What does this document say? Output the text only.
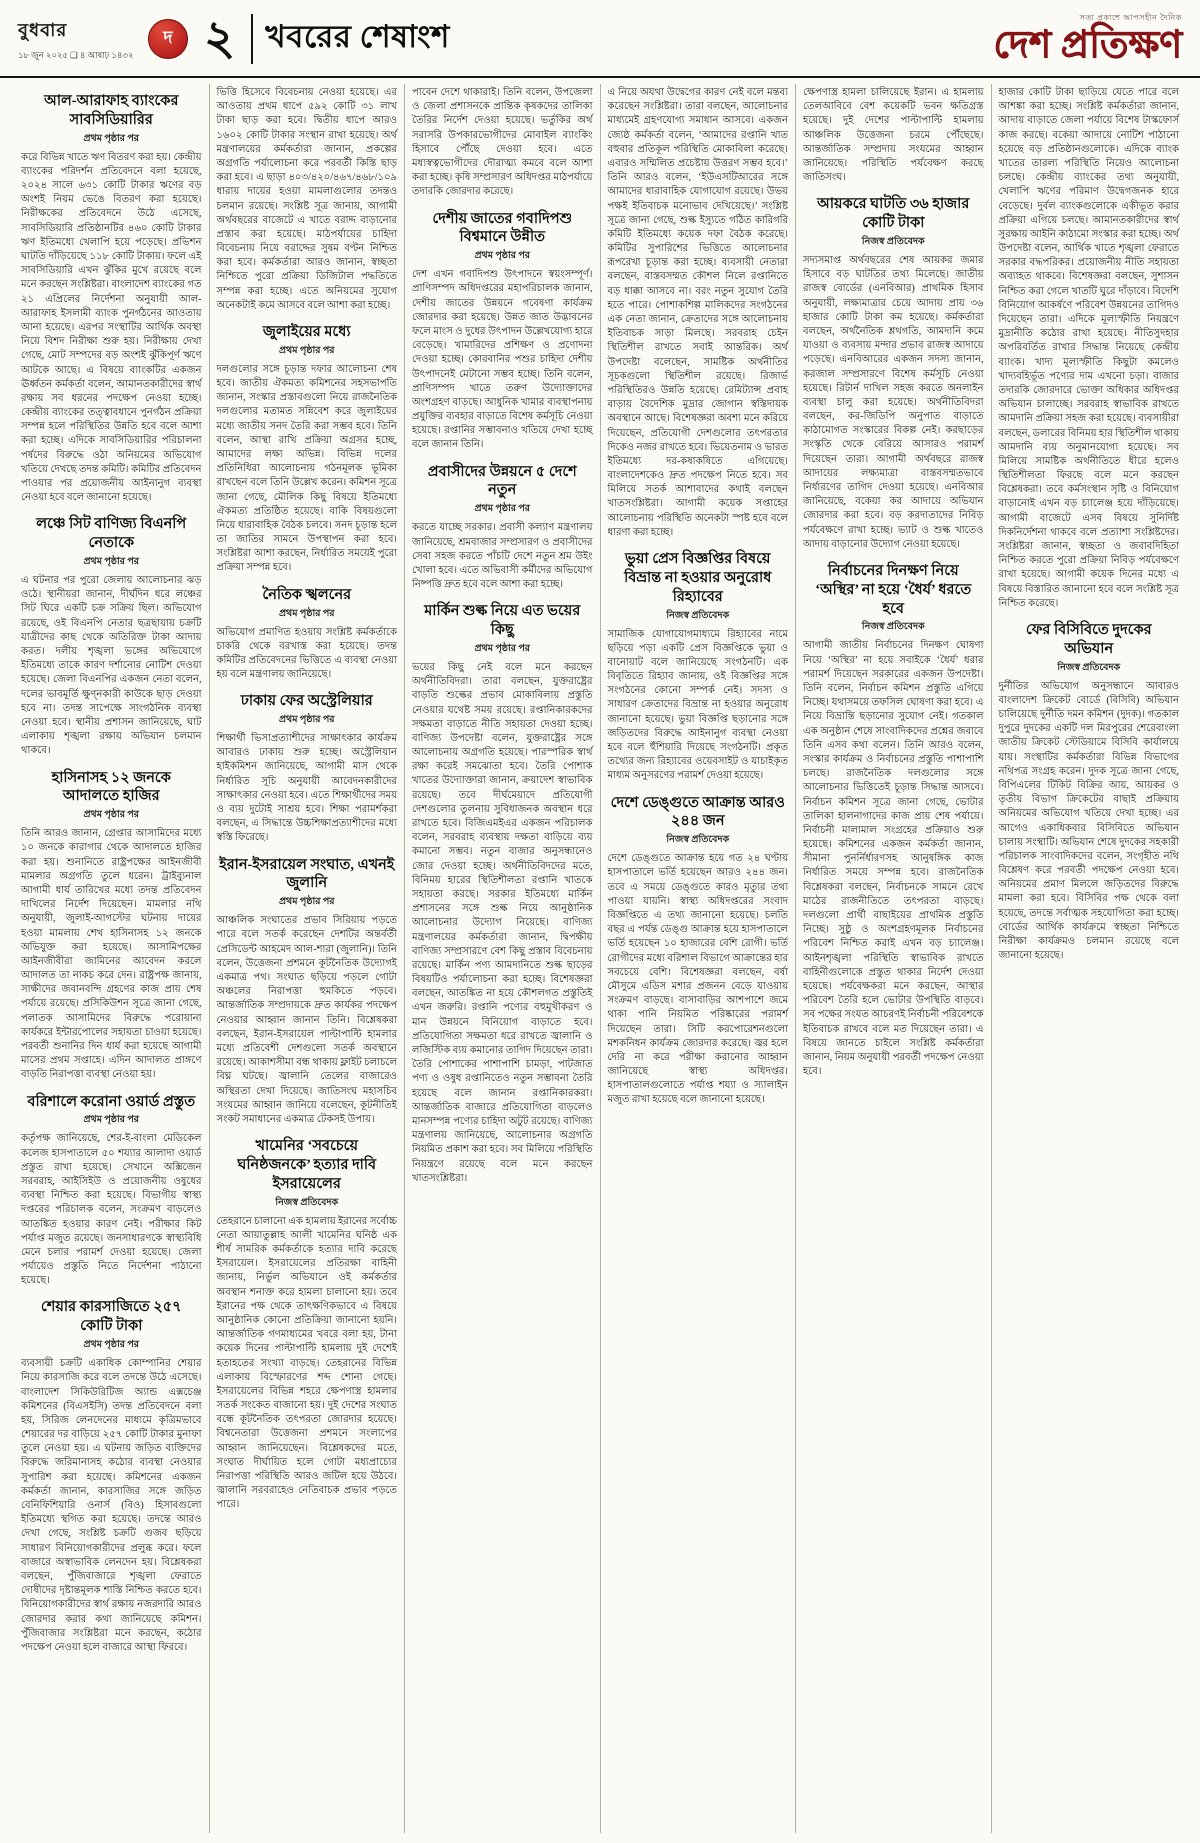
বুধবার
১৮ জুন ২০২৫ ❑ ৪ আষাঢ় ১৪৩২
দ ২ খবরের শেষাংশ
সত্য প্রকাশে আপসহীন দৈনিক
দেশ প্রতিক্ষণ
আল-আরাফাহ ব্যাংকের সাবসিডিয়ারির
প্রথম পৃষ্ঠার পর

করে বিভিন্ন খাতে ঋণ বিতরণ করা হয়। কেন্দ্রীয় ব্যাংকের পরিদর্শন প্রতিবেদনে বলা হয়েছে, ২০২৪ সালে ৬৩১ কোটি টাকার ঋণের বড় অংশই নিয়ম ভেঙে বিতরণ করা হয়েছে। নিরীক্ষকের প্রতিবেদনে উঠে এসেছে, সাবসিডিয়ারি প্রতিষ্ঠানটির ৪৬০ কোটি টাকার ঋণ ইতিমধ্যে খেলাপি হয়ে পড়েছে। প্রভিশন ঘাটতি দাঁড়িয়েছে ১১৮ কোটি টাকায়। ফলে এই সাবসিডিয়ারি এখন ঝুঁকির মুখে রয়েছে বলে মনে করছেন সংশ্লিষ্টরা। বাংলাদেশ ব্যাংকের গত ২১ এপ্রিলের নির্দেশনা অনুযায়ী আল-আরাফাহ ইসলামী ব্যাংক পুনর্গঠনের আওতায় আনা হয়েছে। এরপর সংস্থাটির আর্থিক অবস্থা নিয়ে বিশদ নিরীক্ষা শুরু হয়। নিরীক্ষায় দেখা গেছে, মোট সম্পদের বড় অংশই ঝুঁকিপূর্ণ ঋণে আটকে আছে। এ বিষয়ে ব্যাংকটির একজন ঊর্ধ্বতন কর্মকর্তা বলেন, আমানতকারীদের স্বার্থ রক্ষায় সব ধরনের পদক্ষেপ নেওয়া হচ্ছে। কেন্দ্রীয় ব্যাংকের তত্ত্বাবধানে পুনর্গঠন প্রক্রিয়া সম্পন্ন হলে পরিস্থিতির উন্নতি হবে বলে আশা করা হচ্ছে। এদিকে সাবসিডিয়ারির পরিচালনা পর্ষদের বিরুদ্ধে ওঠা অনিয়মের অভিযোগ খতিয়ে দেখছে তদন্ত কমিটি। কমিটির প্রতিবেদন পাওয়ার পর প্রয়োজনীয় আইনানুগ ব্যবস্থা নেওয়া হবে বলে জানানো হয়েছে।

লঞ্চে সিট বাণিজ্য বিএনপি নেতাকে
প্রথম পৃষ্ঠার পর

এ ঘটনার পর পুরো জেলায় আলোচনার ঝড় ওঠে। স্থানীয়রা জানান, দীর্ঘদিন ধরে লঞ্চের সিট ঘিরে একটি চক্র সক্রিয় ছিল। অভিযোগ রয়েছে, ওই বিএনপি নেতার ছত্রছায়ায় চক্রটি যাত্রীদের কাছ থেকে অতিরিক্ত টাকা আদায় করত। দলীয় শৃঙ্খলা ভঙ্গের অভিযোগে ইতিমধ্যে তাকে কারণ দর্শানোর নোটিশ দেওয়া হয়েছে। জেলা বিএনপির একজন নেতা বলেন, দলের ভাবমূর্তি ক্ষুণ্নকারী কাউকে ছাড় দেওয়া হবে না। তদন্ত সাপেক্ষে সাংগঠনিক ব্যবস্থা নেওয়া হবে। স্থানীয় প্রশাসন জানিয়েছে, ঘাট এলাকায় শৃঙ্খলা রক্ষায় অভিযান চলমান থাকবে।

হাসিনাসহ ১২ জনকে আদালতে হাজির
প্রথম পৃষ্ঠার পর

তিনি আরও জানান, গ্রেপ্তার আসামিদের মধ্যে ১০ জনকে কারাগার থেকে আদালতে হাজির করা হয়। শুনানিতে রাষ্ট্রপক্ষের আইনজীবী মামলার অগ্রগতি তুলে ধরেন। ট্রাইব্যুনাল আগামী ধার্য তারিখের মধ্যে তদন্ত প্রতিবেদন দাখিলের নির্দেশ দিয়েছেন। মামলার নথি অনুযায়ী, জুলাই-আগস্টের ঘটনায় দায়ের হওয়া মামলায় শেখ হাসিনাসহ ১২ জনকে অভিযুক্ত করা হয়েছে। আসামিপক্ষের আইনজীবীরা জামিনের আবেদন করলে আদালত তা নাকচ করে দেন। রাষ্ট্রপক্ষ জানায়, সাক্ষীদের জবানবন্দি গ্রহণের কাজ প্রায় শেষ পর্যায়ে রয়েছে। প্রসিকিউশন সূত্রে জানা গেছে, পলাতক আসামিদের বিরুদ্ধে পরোয়ানা কার্যকরে ইন্টারপোলের সহায়তা চাওয়া হয়েছে। পরবর্তী শুনানির দিন ধার্য করা হয়েছে আগামী মাসের প্রথম সপ্তাহে। এদিন আদালত প্রাঙ্গণে বাড়তি নিরাপত্তা ব্যবস্থা নেওয়া হয়।

বরিশালে করোনা ওয়ার্ড প্রস্তুত
প্রথম পৃষ্ঠার পর

কর্তৃপক্ষ জানিয়েছে, শের-ই-বাংলা মেডিকেল কলেজ হাসপাতালে ৫০ শয্যার আলাদা ওয়ার্ড প্রস্তুত রাখা হয়েছে। সেখানে অক্সিজেন সরবরাহ, আইসিইউ ও প্রয়োজনীয় ওষুধের ব্যবস্থা নিশ্চিত করা হয়েছে। বিভাগীয় স্বাস্থ্য দপ্তরের পরিচালক বলেন, সংক্রমণ বাড়লেও আতঙ্কিত হওয়ার কারণ নেই। পরীক্ষার কিট পর্যাপ্ত মজুত রয়েছে। জনসাধারণকে স্বাস্থ্যবিধি মেনে চলার পরামর্শ দেওয়া হয়েছে। জেলা পর্যায়েও প্রস্তুতি নিতে নির্দেশনা পাঠানো হয়েছে।

শেয়ার কারসাজিতে ২৫৭ কোটি টাকা
প্রথম পৃষ্ঠার পর

ব্যবসায়ী চক্রটি একাধিক কোম্পানির শেয়ার নিয়ে কারসাজি করে বলে তদন্তে উঠে এসেছে। বাংলাদেশ সিকিউরিটিজ অ্যান্ড এক্সচেঞ্জ কমিশনের (বিএসইসি) তদন্ত প্রতিবেদনে বলা হয়, সিরিজ লেনদেনের মাধ্যমে কৃত্রিমভাবে শেয়ারের দর বাড়িয়ে ২৫৭ কোটি টাকার মুনাফা তুলে নেওয়া হয়। এ ঘটনায় জড়িত ব্যক্তিদের বিরুদ্ধে জরিমানাসহ কঠোর ব্যবস্থা নেওয়ার সুপারিশ করা হয়েছে। কমিশনের একজন কর্মকর্তা জানান, কারসাজির সঙ্গে জড়িত বেনিফিশিয়ারি ওনার্স (বিও) হিসাবগুলো ইতিমধ্যে স্থগিত করা হয়েছে। তদন্তে আরও দেখা গেছে, সংশ্লিষ্ট চক্রটি গুজব ছড়িয়ে সাধারণ বিনিয়োগকারীদের প্রলুব্ধ করে। ফলে বাজারে অস্বাভাবিক লেনদেন হয়। বিশ্লেষকরা বলছেন, পুঁজিবাজারে শৃঙ্খলা ফেরাতে দোষীদের দৃষ্টান্তমূলক শাস্তি নিশ্চিত করতে হবে। বিনিয়োগকারীদের স্বার্থ রক্ষায় নজরদারি আরও জোরদার করার কথা জানিয়েছে কমিশন। পুঁজিবাজার সংশ্লিষ্টরা মনে করছেন, কঠোর পদক্ষেপ নেওয়া হলে বাজারে আস্থা ফিরবে।

ভিত্তি হিসেবে বিবেচনায় নেওয়া হয়েছে। এর আওতায় প্রথম ধাপে ৫৯২ কোটি ৩১ লাখ টাকা ছাড় করা হবে। দ্বিতীয় ধাপে আরও ১৬০২ কোটি টাকার সংস্থান রাখা হয়েছে। অর্থ মন্ত্রণালয়ের কর্মকর্তারা জানান, প্রকল্পের অগ্রগতি পর্যালোচনা করে পরবর্তী কিস্তি ছাড় করা হবে। এ ছাড়া ৪০৩/৪২০/৪৬৭/৪৬৮/১০৯ ধারায় দায়ের হওয়া মামলাগুলোর তদন্তও চলমান রয়েছে। সংশ্লিষ্ট সূত্র জানায়, আগামী অর্থবছরের বাজেটে এ খাতে বরাদ্দ বাড়ানোর প্রস্তাব করা হয়েছে। মাঠপর্যায়ের চাহিদা বিবেচনায় নিয়ে বরাদ্দের সুষম বণ্টন নিশ্চিত করা হবে। কর্মকর্তারা আরও জানান, স্বচ্ছতা নিশ্চিতে পুরো প্রক্রিয়া ডিজিটাল পদ্ধতিতে সম্পন্ন করা হচ্ছে। এতে অনিয়মের সুযোগ অনেকটাই কমে আসবে বলে আশা করা হচ্ছে।

জুলাইয়ের মধ্যে
প্রথম পৃষ্ঠার পর

দলগুলোর সঙ্গে চূড়ান্ত দফার আলোচনা শেষ হবে। জাতীয় ঐকমত্য কমিশনের সহসভাপতি জানান, সংস্কার প্রস্তাবগুলো নিয়ে রাজনৈতিক দলগুলোর মতামত সন্নিবেশ করে জুলাইয়ের মধ্যে জাতীয় সনদ তৈরি করা সম্ভব হবে। তিনি বলেন, আস্থা রাখি প্রক্রিয়া অগ্রসর হচ্ছে, আমাদের লক্ষ্য অভিন্ন। বিভিন্ন দলের প্রতিনিধিরা আলোচনায় গঠনমূলক ভূমিকা রাখছেন বলে তিনি উল্লেখ করেন। কমিশন সূত্রে জানা গেছে, মৌলিক কিছু বিষয়ে ইতিমধ্যে ঐকমত্য প্রতিষ্ঠিত হয়েছে। বাকি বিষয়গুলো নিয়ে ধারাবাহিক বৈঠক চলবে। সনদ চূড়ান্ত হলে তা জাতির সামনে উপস্থাপন করা হবে। সংশ্লিষ্টরা আশা করছেন, নির্ধারিত সময়েই পুরো প্রক্রিয়া সম্পন্ন হবে।

নৈতিক স্খলনের
প্রথম পৃষ্ঠার পর

অভিযোগ প্রমাণিত হওয়ায় সংশ্লিষ্ট কর্মকর্তাকে চাকরি থেকে বরখাস্ত করা হয়েছে। তদন্ত কমিটির প্রতিবেদনের ভিত্তিতে এ ব্যবস্থা নেওয়া হয় বলে মন্ত্রণালয় জানিয়েছে।

ঢাকায় ফের অস্ট্রেলিয়ার
প্রথম পৃষ্ঠার পর

শিক্ষার্থী ভিসাপ্রত্যাশীদের সাক্ষাৎকার কার্যক্রম আবারও ঢাকায় শুরু হচ্ছে। অস্ট্রেলিয়ান হাইকমিশন জানিয়েছে, আগামী মাস থেকে নির্ধারিত সূচি অনুযায়ী আবেদনকারীদের সাক্ষাৎকার নেওয়া হবে। এতে শিক্ষার্থীদের সময় ও ব্যয় দুটোই সাশ্রয় হবে। শিক্ষা পরামর্শকরা বলছেন, এ সিদ্ধান্তে উচ্চশিক্ষাপ্রত্যাশীদের মধ্যে স্বস্তি ফিরেছে।

ইরান-ইসরায়েল সংঘাত, এখনই জুলানি
প্রথম পৃষ্ঠার পর

আঞ্চলিক সংঘাতের প্রভাব সিরিয়ায় পড়তে পারে বলে সতর্ক করেছেন দেশটির অন্তর্বর্তী প্রেসিডেন্ট আহমেদ আল-শারা (জুলানি)। তিনি বলেন, উত্তেজনা প্রশমনে কূটনৈতিক উদ্যোগই একমাত্র পথ। সংঘাত ছড়িয়ে পড়লে গোটা অঞ্চলের নিরাপত্তা হুমকিতে পড়বে। আন্তর্জাতিক সম্প্রদায়কে দ্রুত কার্যকর পদক্ষেপ নেওয়ার আহ্বান জানান তিনি। বিশ্লেষকরা বলছেন, ইরান-ইসরায়েল পাল্টাপাল্টি হামলার মধ্যে প্রতিবেশী দেশগুলো সতর্ক অবস্থানে রয়েছে। আকাশসীমা বন্ধ থাকায় ফ্লাইট চলাচলে বিঘ্ন ঘটছে। জ্বালানি তেলের বাজারেও অস্থিরতা দেখা দিয়েছে। জাতিসংঘ মহাসচিব সংযমের আহ্বান জানিয়ে বলেছেন, কূটনীতিই সংকট সমাধানের একমাত্র টেকসই উপায়।

খামেনির ‘সবচেয়ে ঘনিষ্ঠজনকে’ হত্যার দাবি ইসরায়েলের
নিজস্ব প্রতিবেদক

তেহরানে চালানো এক হামলায় ইরানের সর্বোচ্চ নেতা আয়াতুল্লাহ আলী খামেনির ঘনিষ্ঠ এক শীর্ষ সামরিক কর্মকর্তাকে হত্যার দাবি করেছে ইসরায়েল। ইসরায়েলের প্রতিরক্ষা বাহিনী জানায়, নির্ভুল অভিযানে ওই কর্মকর্তার অবস্থান শনাক্ত করে হামলা চালানো হয়। তবে ইরানের পক্ষ থেকে তাৎক্ষণিকভাবে এ বিষয়ে আনুষ্ঠানিক কোনো প্রতিক্রিয়া জানানো হয়নি। আন্তর্জাতিক গণমাধ্যমের খবরে বলা হয়, টানা কয়েক দিনের পাল্টাপাল্টি হামলায় দুই দেশেই হতাহতের সংখ্যা বাড়ছে। তেহরানের বিভিন্ন এলাকায় বিস্ফোরণের শব্দ শোনা গেছে। ইসরায়েলের বিভিন্ন শহরে ক্ষেপণাস্ত্র হামলার সতর্ক সংকেত বাজানো হয়। দুই দেশের সংঘাত বন্ধে কূটনৈতিক তৎপরতা জোরদার হয়েছে। বিশ্বনেতারা উত্তেজনা প্রশমনে সংলাপের আহ্বান জানিয়েছেন। বিশ্লেষকদের মতে, সংঘাত দীর্ঘায়িত হলে গোটা মধ্যপ্রাচ্যের নিরাপত্তা পরিস্থিতি আরও জটিল হয়ে উঠবে। জ্বালানি সরবরাহেও নেতিবাচক প্রভাব পড়তে পারে।

পাবেন দেশে থাকারাই। তিনি বলেন, উপজেলা ও জেলা প্রশাসনকে প্রান্তিক কৃষকদের তালিকা তৈরির নির্দেশ দেওয়া হয়েছে। ভর্তুকির অর্থ সরাসরি উপকারভোগীদের মোবাইল ব্যাংকিং হিসাবে পৌঁছে দেওয়া হবে। এতে মধ্যস্বত্বভোগীদের দৌরাত্ম্য কমবে বলে আশা করা হচ্ছে। কৃষি সম্প্রসারণ অধিদপ্তর মাঠপর্যায়ে তদারকি জোরদার করেছে।

দেশীয় জাতের গবাদিপশু বিশ্বমানে উন্নীত
প্রথম পৃষ্ঠার পর

দেশ এখন গবাদিপশু উৎপাদনে স্বয়ংসম্পূর্ণ। প্রাণিসম্পদ অধিদপ্তরের মহাপরিচালক জানান, দেশীয় জাতের উন্নয়নে গবেষণা কার্যক্রম জোরদার করা হয়েছে। উন্নত জাত উদ্ভাবনের ফলে মাংস ও দুধের উৎপাদন উল্লেখযোগ্য হারে বেড়েছে। খামারিদের প্রশিক্ষণ ও প্রণোদনা দেওয়া হচ্ছে। কোরবানির পশুর চাহিদা দেশীয় উৎপাদনেই মেটানো সম্ভব হচ্ছে। তিনি বলেন, প্রাণিসম্পদ খাতে তরুণ উদ্যোক্তাদের অংশগ্রহণ বাড়ছে। আধুনিক খামার ব্যবস্থাপনায় প্রযুক্তির ব্যবহার বাড়াতে বিশেষ কর্মসূচি নেওয়া হয়েছে। রপ্তানির সম্ভাবনাও খতিয়ে দেখা হচ্ছে বলে জানান তিনি।

প্রবাসীদের উন্নয়নে ৫ দেশে নতুন
প্রথম পৃষ্ঠার পর

করতে যাচ্ছে সরকার। প্রবাসী কল্যাণ মন্ত্রণালয় জানিয়েছে, শ্রমবাজার সম্প্রসারণ ও প্রবাসীদের সেবা সহজ করতে পাঁচটি দেশে নতুন শ্রম উইং খোলা হবে। এতে অভিবাসী কর্মীদের অভিযোগ নিষ্পত্তি দ্রুত হবে বলে আশা করা হচ্ছে।

মার্কিন শুল্ক নিয়ে এত ভয়ের কিছু
প্রথম পৃষ্ঠার পর

ভয়ের কিছু নেই বলে মনে করছেন অর্থনীতিবিদরা। তারা বলছেন, যুক্তরাষ্ট্রের বাড়তি শুল্কের প্রভাব মোকাবিলায় প্রস্তুতি নেওয়ার যথেষ্ট সময় রয়েছে। রপ্তানিকারকদের সক্ষমতা বাড়াতে নীতি সহায়তা দেওয়া হচ্ছে। বাণিজ্য উপদেষ্টা বলেন, যুক্তরাষ্ট্রের সঙ্গে আলোচনায় অগ্রগতি হয়েছে। পারস্পরিক স্বার্থ রক্ষা করেই সমঝোতা হবে। তৈরি পোশাক খাতের উদ্যোক্তারা জানান, ক্রয়াদেশ স্বাভাবিক রয়েছে। তবে দীর্ঘমেয়াদে প্রতিযোগী দেশগুলোর তুলনায় সুবিধাজনক অবস্থান ধরে রাখতে হবে। বিজিএমইএর একজন পরিচালক বলেন, সরবরাহ ব্যবস্থায় দক্ষতা বাড়িয়ে ব্যয় কমানো সম্ভব। নতুন বাজার অনুসন্ধানেও জোর দেওয়া হচ্ছে। অর্থনীতিবিদদের মতে, বিনিময় হারের স্থিতিশীলতা রপ্তানি খাতকে সহায়তা করছে। সরকার ইতিমধ্যে মার্কিন প্রশাসনের সঙ্গে শুল্ক নিয়ে আনুষ্ঠানিক আলোচনার উদ্যোগ নিয়েছে। বাণিজ্য মন্ত্রণালয়ের কর্মকর্তারা জানান, দ্বিপক্ষীয় বাণিজ্য সম্প্রসারণে বেশ কিছু প্রস্তাব বিবেচনায় রয়েছে। মার্কিন পণ্য আমদানিতে শুল্ক ছাড়ের বিষয়টিও পর্যালোচনা করা হচ্ছে। বিশেষজ্ঞরা বলছেন, আতঙ্কিত না হয়ে কৌশলগত প্রস্তুতিই এখন জরুরি। রপ্তানি পণ্যের বহুমুখীকরণ ও মান উন্নয়নে বিনিয়োগ বাড়াতে হবে। প্রতিযোগিতা সক্ষমতা ধরে রাখতে জ্বালানি ও লজিস্টিক ব্যয় কমানোর তাগিদ দিয়েছেন তারা। তৈরি পোশাকের পাশাপাশি চামড়া, পাটজাত পণ্য ও ওষুধ রপ্তানিতেও নতুন সম্ভাবনা তৈরি হয়েছে বলে জানান রপ্তানিকারকরা। আন্তর্জাতিক বাজারে প্রতিযোগিতা বাড়লেও মানসম্পন্ন পণ্যের চাহিদা অটুট রয়েছে। বাণিজ্য মন্ত্রণালয় জানিয়েছে, আলোচনার অগ্রগতি নিয়মিত প্রকাশ করা হবে। সব মিলিয়ে পরিস্থিতি নিয়ন্ত্রণে রয়েছে বলে মনে করছেন খাতসংশ্লিষ্টরা।

এ নিয়ে অযথা উদ্বেগের কারণ নেই বলে মন্তব্য করেছেন সংশ্লিষ্টরা। তারা বলছেন, আলোচনার মাধ্যমেই গ্রহণযোগ্য সমাধান আসবে। একজন জ্যেষ্ঠ কর্মকর্তা বলেন, ‘আমাদের রপ্তানি খাত বহুবার প্রতিকূল পরিস্থিতি মোকাবিলা করেছে। এবারও সম্মিলিত প্রচেষ্টায় উত্তরণ সম্ভব হবে।’ তিনি আরও বলেন, ‘ইউএসটিআরের সঙ্গে আমাদের ধারাবাহিক যোগাযোগ রয়েছে। উভয় পক্ষই ইতিবাচক মনোভাব দেখিয়েছে।’ সংশ্লিষ্ট সূত্রে জানা গেছে, শুল্ক ইস্যুতে গঠিত কারিগরি কমিটি ইতিমধ্যে কয়েক দফা বৈঠক করেছে। কমিটির সুপারিশের ভিত্তিতে আলোচনার রূপরেখা চূড়ান্ত করা হচ্ছে। ব্যবসায়ী নেতারা বলছেন, বাস্তবসম্মত কৌশল নিলে রপ্তানিতে বড় ধাক্কা আসবে না। বরং নতুন সুযোগ তৈরি হতে পারে। পোশাকশিল্প মালিকদের সংগঠনের এক নেতা জানান, ক্রেতাদের সঙ্গে আলোচনায় ইতিবাচক সাড়া মিলছে। সরবরাহ চেইন স্থিতিশীল রাখতে সবাই আন্তরিক। অর্থ উপদেষ্টা বলেছেন, সামষ্টিক অর্থনীতির সূচকগুলো স্থিতিশীল রয়েছে। রিজার্ভ পরিস্থিতিরও উন্নতি হয়েছে। রেমিট্যান্স প্রবাহ বাড়ায় বৈদেশিক মুদ্রার জোগান স্বস্তিদায়ক অবস্থানে আছে। বিশেষজ্ঞরা অবশ্য মনে করিয়ে দিয়েছেন, প্রতিযোগী দেশগুলোর তৎপরতার দিকেও নজর রাখতে হবে। ভিয়েতনাম ও ভারত ইতিমধ্যে দর-কষাকষিতে এগিয়েছে। বাংলাদেশকেও দ্রুত পদক্ষেপ নিতে হবে। সব মিলিয়ে সতর্ক আশাবাদের কথাই বলছেন খাতসংশ্লিষ্টরা। আগামী কয়েক সপ্তাহের আলোচনায় পরিস্থিতি অনেকটা স্পষ্ট হবে বলে ধারণা করা হচ্ছে।

ভুয়া প্রেস বিজ্ঞপ্তির বিষয়ে বিভ্রান্ত না হওয়ার অনুরোধ রিহ্যাবের
নিজস্ব প্রতিবেদক

সামাজিক যোগাযোগমাধ্যমে রিহ্যাবের নামে ছড়িয়ে পড়া একটি প্রেস বিজ্ঞপ্তিকে ভুয়া ও বানোয়াট বলে জানিয়েছে সংগঠনটি। এক বিবৃতিতে রিহ্যাব জানায়, ওই বিজ্ঞপ্তির সঙ্গে সংগঠনের কোনো সম্পর্ক নেই। সদস্য ও সাধারণ ক্রেতাদের বিভ্রান্ত না হওয়ার অনুরোধ জানানো হয়েছে। ভুয়া বিজ্ঞপ্তি ছড়ানোর সঙ্গে জড়িতদের বিরুদ্ধে আইনানুগ ব্যবস্থা নেওয়া হবে বলে হুঁশিয়ারি দিয়েছে সংগঠনটি। প্রকৃত তথ্যের জন্য রিহ্যাবের ওয়েবসাইট ও যাচাইকৃত মাধ্যম অনুসরণের পরামর্শ দেওয়া হয়েছে।

দেশে ডেঙ্গুতে আক্রান্ত আরও ২৪৪ জন
নিজস্ব প্রতিবেদক

দেশে ডেঙ্গুতে আক্রান্ত হয়ে গত ২৪ ঘণ্টায় হাসপাতালে ভর্তি হয়েছেন আরও ২৪৪ জন। তবে এ সময়ে ডেঙ্গুতে কারও মৃত্যুর তথ্য পাওয়া যায়নি। স্বাস্থ্য অধিদপ্তরের সংবাদ বিজ্ঞপ্তিতে এ তথ্য জানানো হয়েছে। চলতি বছর এ পর্যন্ত ডেঙ্গু আক্রান্ত হয়ে হাসপাতালে ভর্তি হয়েছেন ১০ হাজারের বেশি রোগী। ভর্তি রোগীদের মধ্যে বরিশাল বিভাগে আক্রান্তের হার সবচেয়ে বেশি। বিশেষজ্ঞরা বলছেন, বর্ষা মৌসুমে এডিস মশার প্রজনন বেড়ে যাওয়ায় সংক্রমণ বাড়ছে। বাসাবাড়ির আশপাশে জমে থাকা পানি নিয়মিত পরিষ্কারের পরামর্শ দিয়েছেন তারা। সিটি করপোরেশনগুলো মশকনিধন কার্যক্রম জোরদার করেছে। জ্বর হলে দেরি না করে পরীক্ষা করানোর আহ্বান জানিয়েছে স্বাস্থ্য অধিদপ্তর। হাসপাতালগুলোতে পর্যাপ্ত শয্যা ও স্যালাইন মজুত রাখা হয়েছে বলে জানানো হয়েছে।

ক্ষেপণাস্ত্র হামলা চালিয়েছে ইরান। এ হামলায় তেলআবিবে বেশ কয়েকটি ভবন ক্ষতিগ্রস্ত হয়েছে। দুই দেশের পাল্টাপাল্টি হামলায় আঞ্চলিক উত্তেজনা চরমে পৌঁছেছে। আন্তর্জাতিক সম্প্রদায় সংযমের আহ্বান জানিয়েছে। পরিস্থিতি পর্যবেক্ষণ করছে জাতিসংঘ।

আয়করে ঘাটতি ৩৬ হাজার কোটি টাকা
নিজস্ব প্রতিবেদক

সদ্যসমাপ্ত অর্থবছরের শেষ আয়কর জমার হিসাবে বড় ঘাটতির তথ্য মিলেছে। জাতীয় রাজস্ব বোর্ডের (এনবিআর) প্রাথমিক হিসাব অনুযায়ী, লক্ষ্যমাত্রার চেয়ে আদায় প্রায় ৩৬ হাজার কোটি টাকা কম হয়েছে। কর্মকর্তারা বলছেন, অর্থনৈতিক শ্লথগতি, আমদানি কমে যাওয়া ও ব্যবসায় মন্দার প্রভাব রাজস্ব আদায়ে পড়েছে। এনবিআরের একজন সদস্য জানান, করজাল সম্প্রসারণে বিশেষ কর্মসূচি নেওয়া হয়েছে। রিটার্ন দাখিল সহজ করতে অনলাইন ব্যবস্থা চালু করা হয়েছে। অর্থনীতিবিদরা বলছেন, কর-জিডিপি অনুপাত বাড়াতে কাঠামোগত সংস্কারের বিকল্প নেই। করছাড়ের সংস্কৃতি থেকে বেরিয়ে আসারও পরামর্শ দিয়েছেন তারা। আগামী অর্থবছরে রাজস্ব আদায়ের লক্ষ্যমাত্রা বাস্তবসম্মতভাবে নির্ধারণের তাগিদ দেওয়া হয়েছে। এনবিআর জানিয়েছে, বকেয়া কর আদায়ে অভিযান জোরদার করা হবে। বড় করদাতাদের নিবিড় পর্যবেক্ষণে রাখা হচ্ছে। ভ্যাট ও শুল্ক খাতেও আদায় বাড়ানোর উদ্যোগ নেওয়া হয়েছে।

নির্বাচনের দিনক্ষণ নিয়ে ‘অস্থির’ না হয়ে ‘ধৈর্য’ ধরতে হবে
নিজস্ব প্রতিবেদক

আগামী জাতীয় নির্বাচনের দিনক্ষণ ঘোষণা নিয়ে ‘অস্থির’ না হয়ে সবাইকে ‘ধৈর্য’ ধরার পরামর্শ দিয়েছেন সরকারের একজন উপদেষ্টা। তিনি বলেন, নির্বাচন কমিশন প্রস্তুতি এগিয়ে নিচ্ছে। যথাসময়ে তফসিল ঘোষণা করা হবে। এ নিয়ে বিভ্রান্তি ছড়ানোর সুযোগ নেই। গতকাল এক অনুষ্ঠান শেষে সাংবাদিকদের প্রশ্নের জবাবে তিনি এসব কথা বলেন। তিনি আরও বলেন, সংস্কার কার্যক্রম ও নির্বাচনের প্রস্তুতি পাশাপাশি চলছে। রাজনৈতিক দলগুলোর সঙ্গে আলোচনার ভিত্তিতেই চূড়ান্ত সিদ্ধান্ত আসবে। নির্বাচন কমিশন সূত্রে জানা গেছে, ভোটার তালিকা হালনাগাদের কাজ প্রায় শেষ পর্যায়ে। নির্বাচনী মালামাল সংগ্রহের প্রক্রিয়াও শুরু হয়েছে। কমিশনের একজন কর্মকর্তা জানান, সীমানা পুনর্নির্ধারণসহ আনুষঙ্গিক কাজ নির্ধারিত সময়ে সম্পন্ন হবে। রাজনৈতিক বিশ্লেষকরা বলছেন, নির্বাচনকে সামনে রেখে মাঠের রাজনীতিতে তৎপরতা বাড়ছে। দলগুলো প্রার্থী বাছাইয়ের প্রাথমিক প্রস্তুতি নিচ্ছে। সুষ্ঠু ও অংশগ্রহণমূলক নির্বাচনের পরিবেশ নিশ্চিত করাই এখন বড় চ্যালেঞ্জ। আইনশৃঙ্খলা পরিস্থিতি স্বাভাবিক রাখতে বাহিনীগুলোকে প্রস্তুত থাকার নির্দেশ দেওয়া হয়েছে। পর্যবেক্ষকরা মনে করছেন, আস্থার পরিবেশ তৈরি হলে ভোটার উপস্থিতি বাড়বে। সব পক্ষের সংযত আচরণই নির্বাচনী পরিবেশকে ইতিবাচক রাখবে বলে মত দিয়েছেন তারা। এ বিষয়ে জানতে চাইলে সংশ্লিষ্ট কর্মকর্তারা জানান, নিয়ম অনুযায়ী পরবর্তী পদক্ষেপ নেওয়া হবে।

হাজার কোটি টাকা ছাড়িয়ে যেতে পারে বলে আশঙ্কা করা হচ্ছে। সংশ্লিষ্ট কর্মকর্তারা জানান, আদায় বাড়াতে জেলা পর্যায়ে বিশেষ টাস্কফোর্স কাজ করছে। বকেয়া আদায়ে নোটিশ পাঠানো হয়েছে বড় প্রতিষ্ঠানগুলোকে। এদিকে ব্যাংক খাতের তারল্য পরিস্থিতি নিয়েও আলোচনা চলছে। কেন্দ্রীয় ব্যাংকের তথ্য অনুযায়ী, খেলাপি ঋণের পরিমাণ উদ্বেগজনক হারে বেড়েছে। দুর্বল ব্যাংকগুলোকে একীভূত করার প্রক্রিয়া এগিয়ে চলছে। আমানতকারীদের স্বার্থ সুরক্ষায় আইনি কাঠামো সংস্কার করা হচ্ছে। অর্থ উপদেষ্টা বলেন, আর্থিক খাতে শৃঙ্খলা ফেরাতে সরকার বদ্ধপরিকর। প্রয়োজনীয় নীতি সহায়তা অব্যাহত থাকবে। বিশেষজ্ঞরা বলছেন, সুশাসন নিশ্চিত করা গেলে খাতটি ঘুরে দাঁড়াবে। বিদেশি বিনিয়োগ আকর্ষণে পরিবেশ উন্নয়নের তাগিদও দিয়েছেন তারা। এদিকে মূল্যস্ফীতি নিয়ন্ত্রণে মুদ্রানীতি কঠোর রাখা হয়েছে। নীতিসুদহার অপরিবর্তিত রাখার সিদ্ধান্ত নিয়েছে কেন্দ্রীয় ব্যাংক। খাদ্য মূল্যস্ফীতি কিছুটা কমলেও খাদ্যবহির্ভূত পণ্যের দাম এখনো চড়া। বাজার তদারকি জোরদারে ভোক্তা অধিকার অধিদপ্তর অভিযান চালাচ্ছে। সরবরাহ স্বাভাবিক রাখতে আমদানি প্রক্রিয়া সহজ করা হয়েছে। ব্যবসায়ীরা বলছেন, ডলারের বিনিময় হার স্থিতিশীল থাকায় আমদানি ব্যয় অনুমানযোগ্য হয়েছে। সব মিলিয়ে সামষ্টিক অর্থনীতিতে ধীরে হলেও স্থিতিশীলতা ফিরছে বলে মনে করছেন বিশ্লেষকরা। তবে কর্মসংস্থান সৃষ্টি ও বিনিয়োগ বাড়ানোই এখন বড় চ্যালেঞ্জ হয়ে দাঁড়িয়েছে। আগামী বাজেটে এসব বিষয়ে সুনির্দিষ্ট দিকনির্দেশনা থাকবে বলে প্রত্যাশা সংশ্লিষ্টদের। সংশ্লিষ্টরা জানান, স্বচ্ছতা ও জবাবদিহিতা নিশ্চিত করতে পুরো প্রক্রিয়া নিবিড় পর্যবেক্ষণে রাখা হয়েছে। আগামী কয়েক দিনের মধ্যে এ বিষয়ে বিস্তারিত জানানো হবে বলে সংশ্লিষ্ট সূত্র নিশ্চিত করেছে।

ফের বিসিবিতে দুদকের অভিযান
নিজস্ব প্রতিবেদক

দুর্নীতির অভিযোগ অনুসন্ধানে আবারও বাংলাদেশ ক্রিকেট বোর্ডে (বিসিবি) অভিযান চালিয়েছে দুর্নীতি দমন কমিশন (দুদক)। গতকাল দুপুরে দুদকের একটি দল মিরপুরের শেরেবাংলা জাতীয় ক্রিকেট স্টেডিয়ামে বিসিবি কার্যালয়ে যায়। সংস্থাটির কর্মকর্তারা বিভিন্ন বিভাগের নথিপত্র সংগ্রহ করেন। দুদক সূত্রে জানা গেছে, বিপিএলের টিকিট বিক্রির আয়, আয়কর ও তৃতীয় বিভাগ ক্রিকেটের বাছাই প্রক্রিয়ায় অনিয়মের অভিযোগ খতিয়ে দেখা হচ্ছে। এর আগেও একাধিকবার বিসিবিতে অভিযান চালায় সংস্থাটি। অভিযান শেষে দুদকের সহকারী পরিচালক সাংবাদিকদের বলেন, সংগৃহীত নথি বিশ্লেষণ করে পরবর্তী পদক্ষেপ নেওয়া হবে। অনিয়মের প্রমাণ মিললে জড়িতদের বিরুদ্ধে মামলা করা হবে। বিসিবির পক্ষ থেকে বলা হয়েছে, তদন্তে সর্বাত্মক সহযোগিতা করা হচ্ছে। বোর্ডের আর্থিক কার্যক্রমে স্বচ্ছতা নিশ্চিতে নিরীক্ষা কার্যক্রমও চলমান রয়েছে বলে জানানো হয়েছে।
